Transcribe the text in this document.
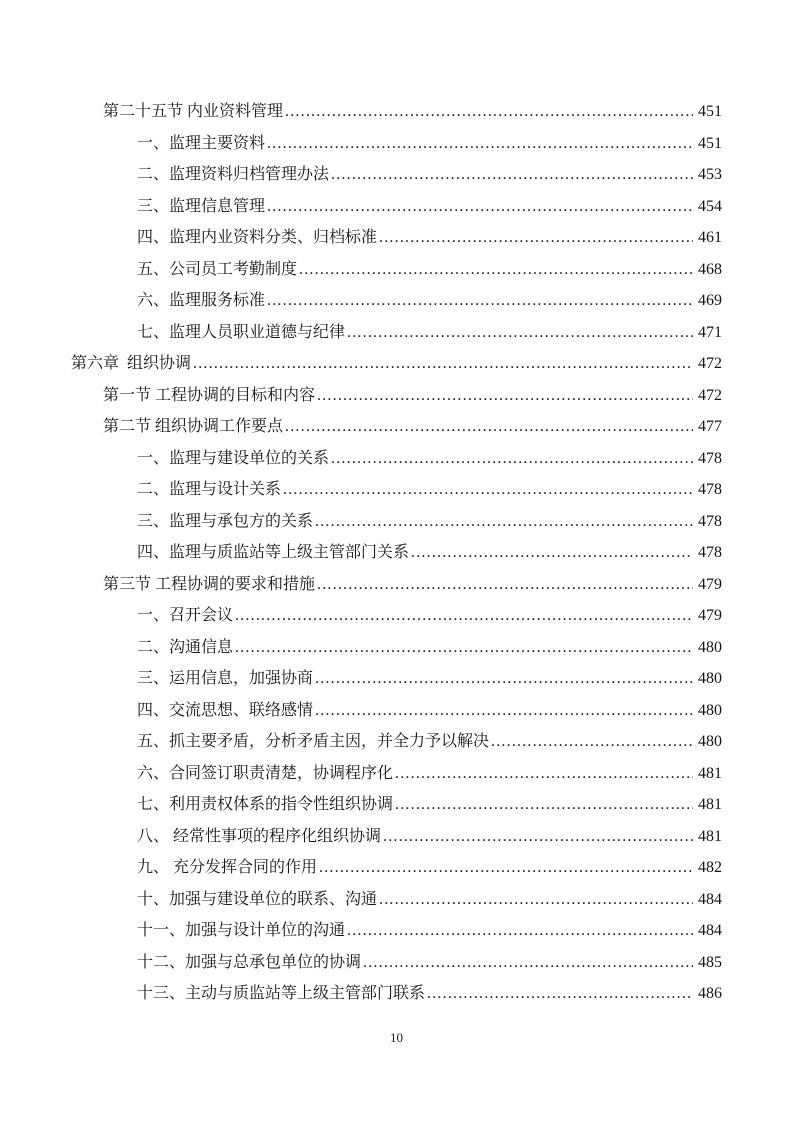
第二十五节 内业资料管理 .....	451
一、监理主要资料 .....	451
二、监理资料归档管理办法 .....	453
三、监理信息管理 .....	454
四、监理内业资料分类、归档标准 .....	461
五、公司员工考勤制度 .....	468
六、监理服务标准 .....	469
七、监理人员职业道德与纪律 .....	471
第六章  组织协调 .....	472
第一节 工程协调的目标和内容 .....	472
第二节 组织协调工作要点 .....	477
一、监理与建设单位的关系 .....	478
二、监理与设计关系 .....	478
三、监理与承包方的关系 .....	478
四、监理与质监站等上级主管部门关系 .....	478
第三节 工程协调的要求和措施 .....	479
一、召开会议 .....	479
二、沟通信息 .....	480
三、运用信息，加强协商 .....	480
四、交流思想、联络感情 .....	480
五、抓主要矛盾，分析矛盾主因，并全力予以解决 .....	480
六、合同签订职责清楚，协调程序化 .....	481
七、利用责权体系的指令性组织协调 .....	481
八、 经常性事项的程序化组织协调 .....	481
九、 充分发挥合同的作用 .....	482
十、加强与建设单位的联系、沟通 .....	484
十一、加强与设计单位的沟通 .....	484
十二、加强与总承包单位的协调 .....	485
十三、主动与质监站等上级主管部门联系 .....	486
10
